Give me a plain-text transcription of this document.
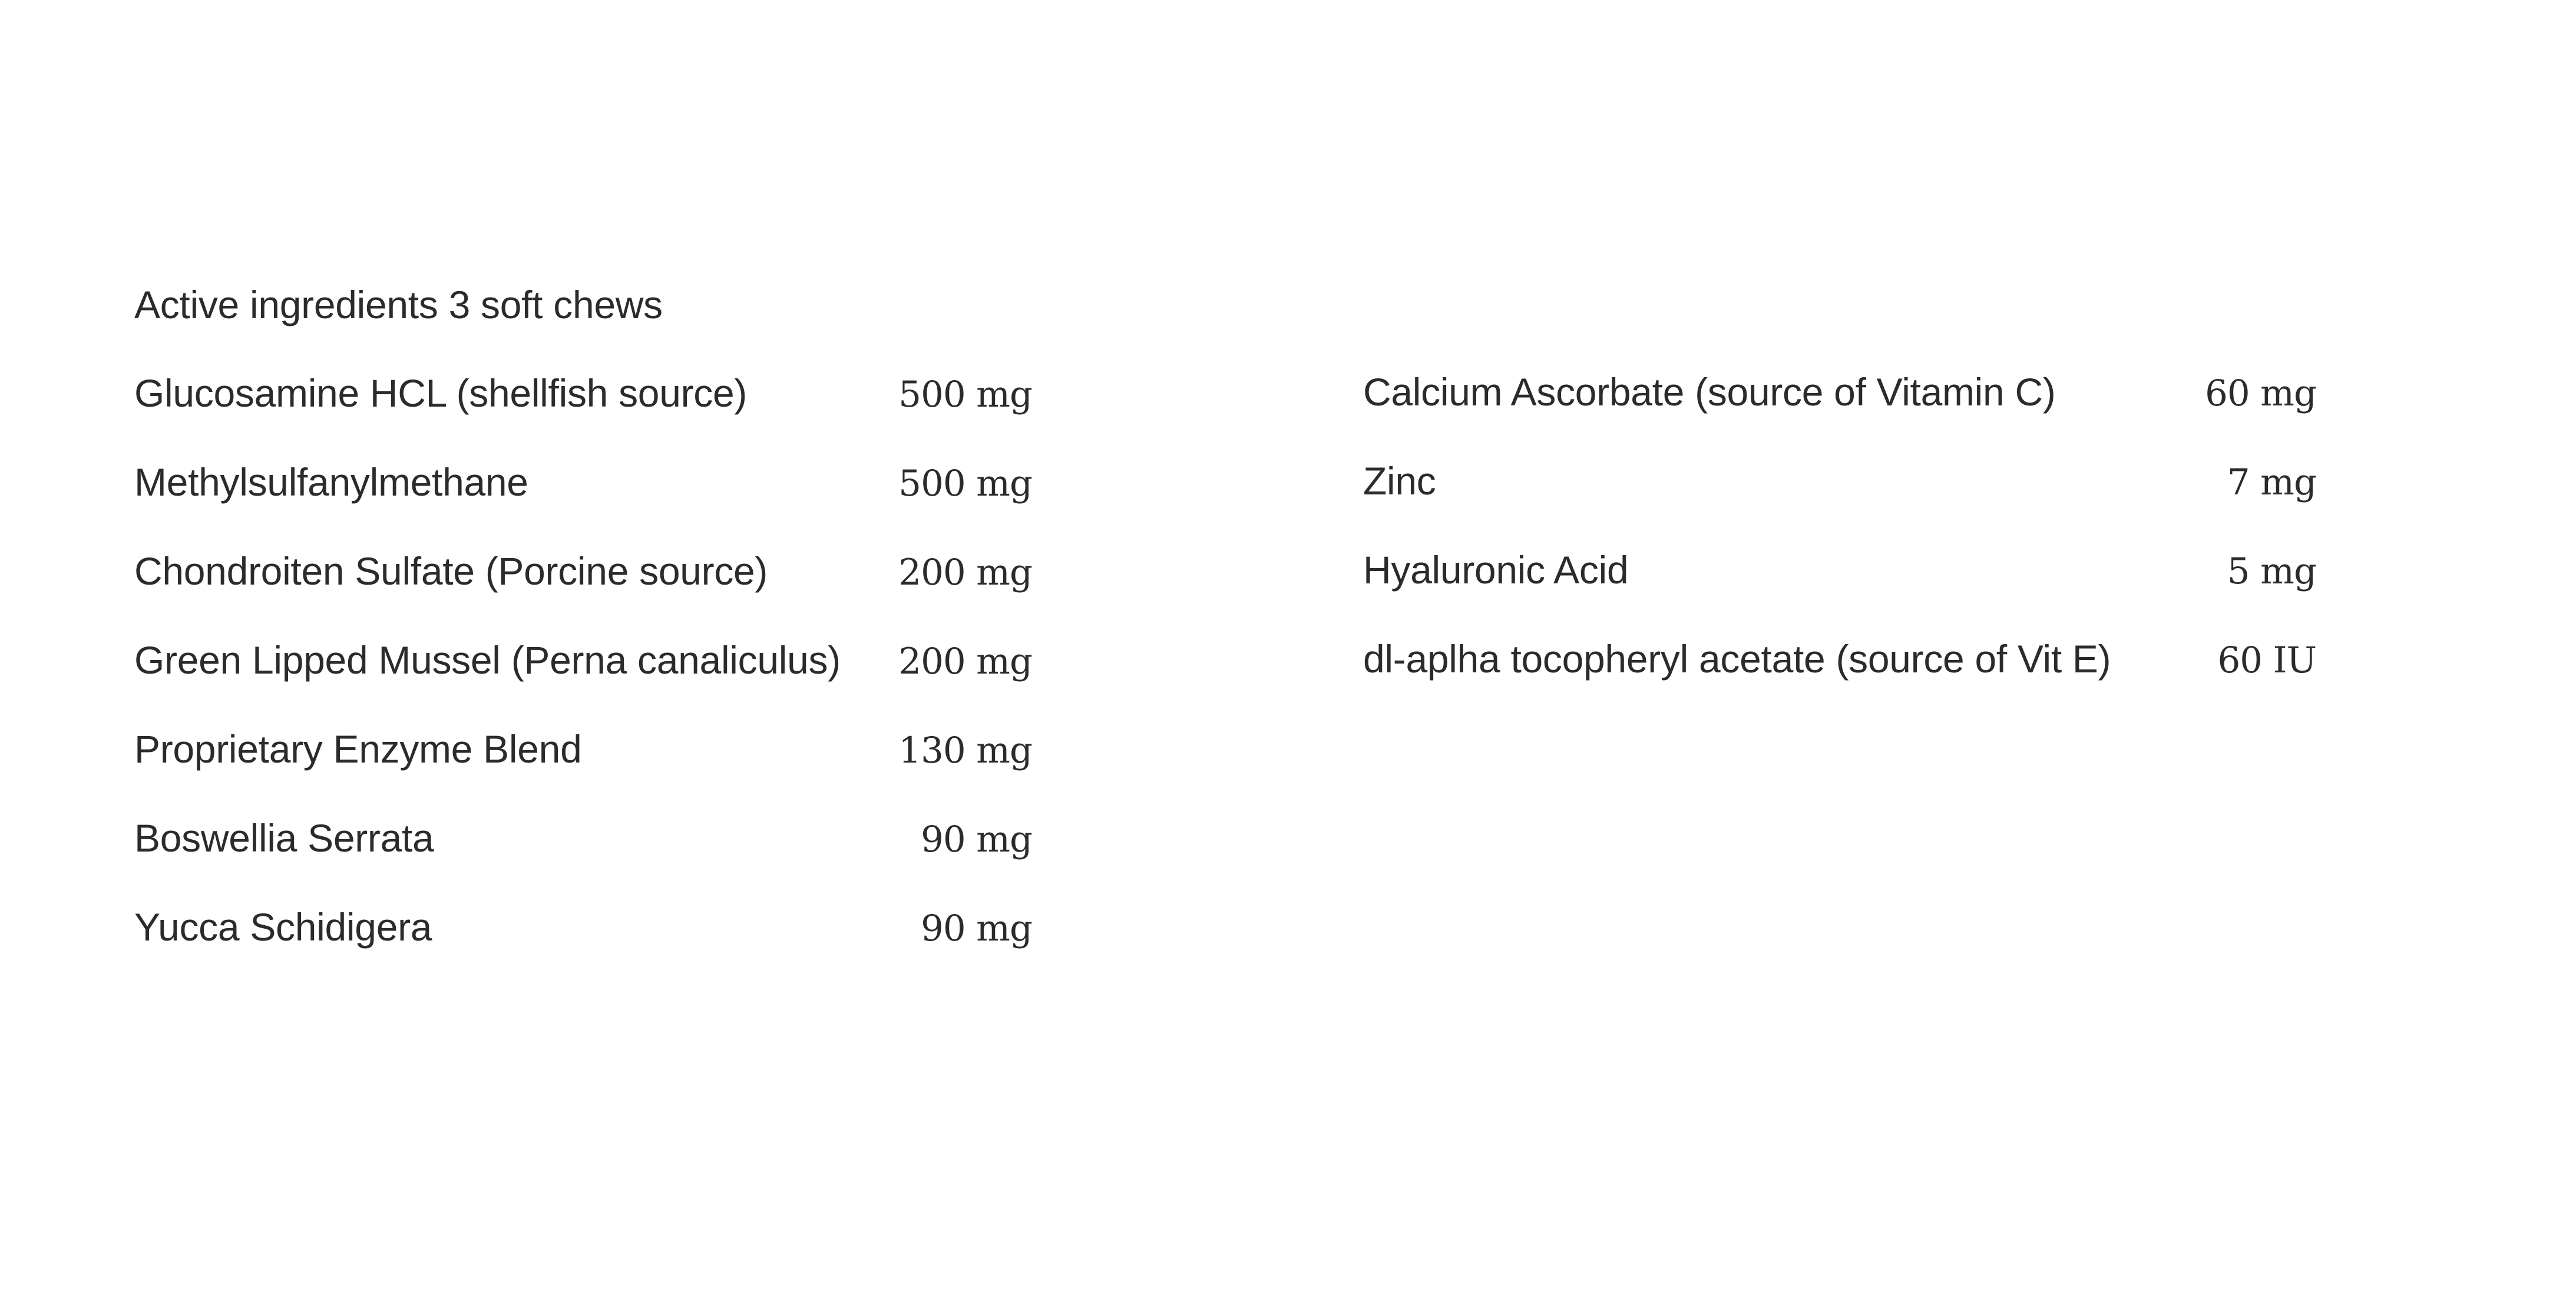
Active ingredients 3 soft chews
Glucosamine HCL (shellfish source)	500 mg
Methylsulfanylmethane	500 mg
Chondroiten Sulfate (Porcine source)	200 mg
Green Lipped Mussel (Perna canaliculus) 200 mg
Proprietary Enzyme Blend	130 mg
Boswellia Serrata	90 mg
Yucca Schidigera	90 mg
Calcium Ascorbate (source of Vitamin C)	60 mg
Zinc	7 mg
Hyaluronic Acid	5 mg
dl-aplha tocopheryl acetate (source of Vit E)	60 IU
